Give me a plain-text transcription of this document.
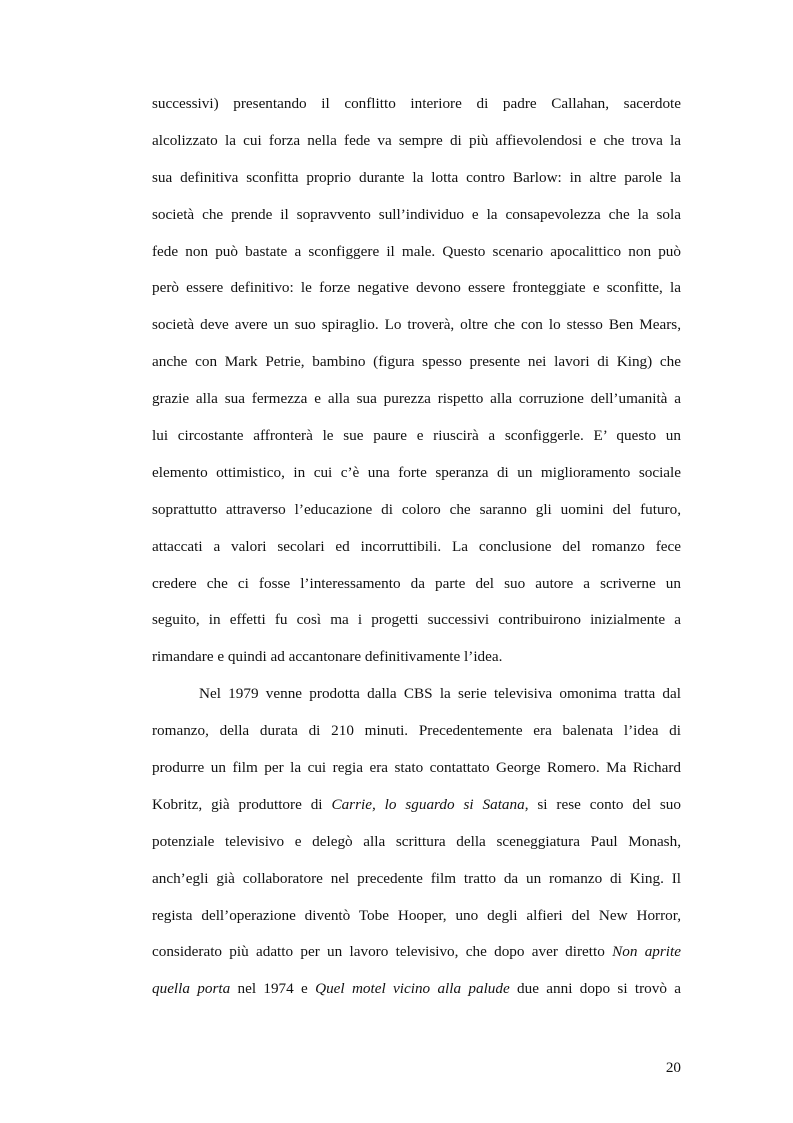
successivi) presentando il conflitto interiore di padre Callahan, sacerdote
alcolizzato la cui forza nella fede va sempre di più affievolendosi e che trova la
sua definitiva sconfitta proprio durante la lotta contro Barlow: in altre parole la
società che prende il sopravvento sull’individuo e la consapevolezza che la sola
fede non può bastate a sconfiggere il male. Questo scenario apocalittico non può
però essere definitivo: le forze negative devono essere fronteggiate e sconfitte, la
società deve avere un suo spiraglio. Lo troverà, oltre che con lo stesso Ben Mears,
anche con Mark Petrie, bambino (figura spesso presente nei lavori di King) che
grazie alla sua fermezza e alla sua purezza rispetto alla corruzione dell’umanità a
lui circostante affronterà le sue paure e riuscirà a sconfiggerle. E’ questo un
elemento ottimistico, in cui c’è una forte speranza di un miglioramento sociale
soprattutto attraverso l’educazione di coloro che saranno gli uomini del futuro,
attaccati a valori secolari ed incorruttibili. La conclusione del romanzo fece
credere che ci fosse l’interessamento da parte del suo autore a scriverne un
seguito, in effetti fu così ma i progetti successivi contribuirono inizialmente a
rimandare e quindi ad accantonare definitivamente l’idea.
Nel 1979 venne prodotta dalla CBS la serie televisiva omonima tratta dal
romanzo, della durata di 210 minuti. Precedentemente era balenata l’idea di
produrre un film per la cui regia era stato contattato George Romero. Ma Richard
Kobritz, già produttore di Carrie, lo sguardo si Satana, si rese conto del suo
potenziale televisivo e delegò alla scrittura della sceneggiatura Paul Monash,
anch’egli già collaboratore nel precedente film tratto da un romanzo di King. Il
regista dell’operazione diventò Tobe Hooper, uno degli alfieri del New Horror,
considerato più adatto per un lavoro televisivo, che dopo aver diretto Non aprite
quella porta nel 1974 e Quel motel vicino alla palude due anni dopo si trovò a
20
